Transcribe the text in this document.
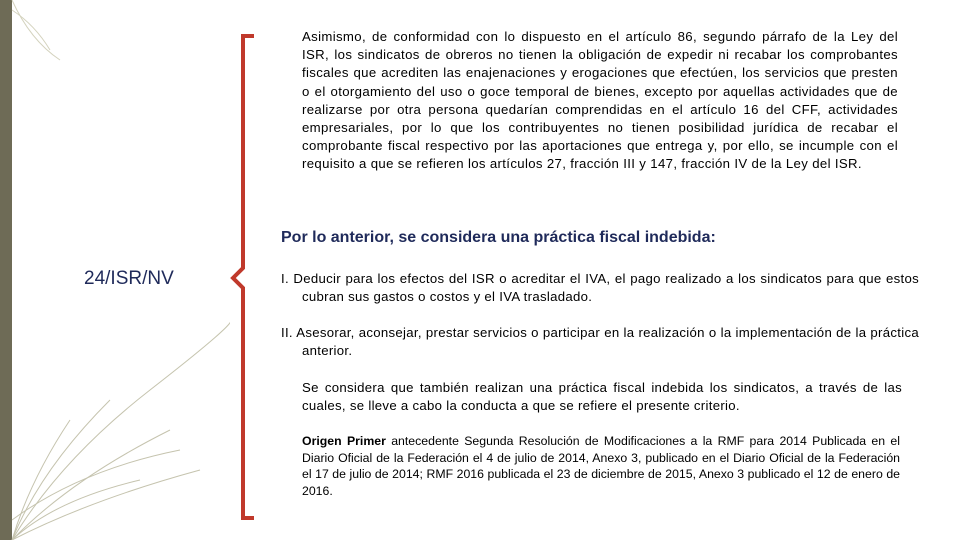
Asimismo, de conformidad con lo dispuesto en el artículo 86, segundo párrafo de la Ley del ISR, los sindicatos de obreros no tienen la obligación de expedir ni recabar los comprobantes fiscales que acrediten las enajenaciones y erogaciones que efectúen, los servicios que presten o el otorgamiento del uso o goce temporal de bienes, excepto por aquellas actividades que de realizarse por otra persona quedarían comprendidas en el artículo 16 del CFF, actividades empresariales, por lo que los contribuyentes no tienen posibilidad jurídica de recabar el comprobante fiscal respectivo por las aportaciones que entrega y, por ello, se incumple con el requisito a que se refieren los artículos 27, fracción III y 147, fracción IV de la Ley del ISR.
Por lo anterior, se considera una práctica fiscal indebida:
24/ISR/NV	I. Deducir para los efectos del ISR o acreditar el IVA, el pago realizado a los sindicatos para que estos cubran sus gastos o costos y el IVA trasladado.
II. Asesorar, aconsejar, prestar servicios o participar en la realización o la implementación de la práctica anterior.
Se considera que también realizan una práctica fiscal indebida los sindicatos, a través de las cuales, se lleve a cabo la conducta a que se refiere el presente criterio.
Origen Primer antecedente Segunda Resolución de Modificaciones a la RMF para 2014 Publicada en el Diario Oficial de la Federación el 4 de julio de 2014, Anexo 3, publicado en el Diario Oficial de la Federación el 17 de julio de 2014; RMF 2016 publicada el 23 de diciembre de 2015, Anexo 3 publicado el 12 de enero de 2016.
